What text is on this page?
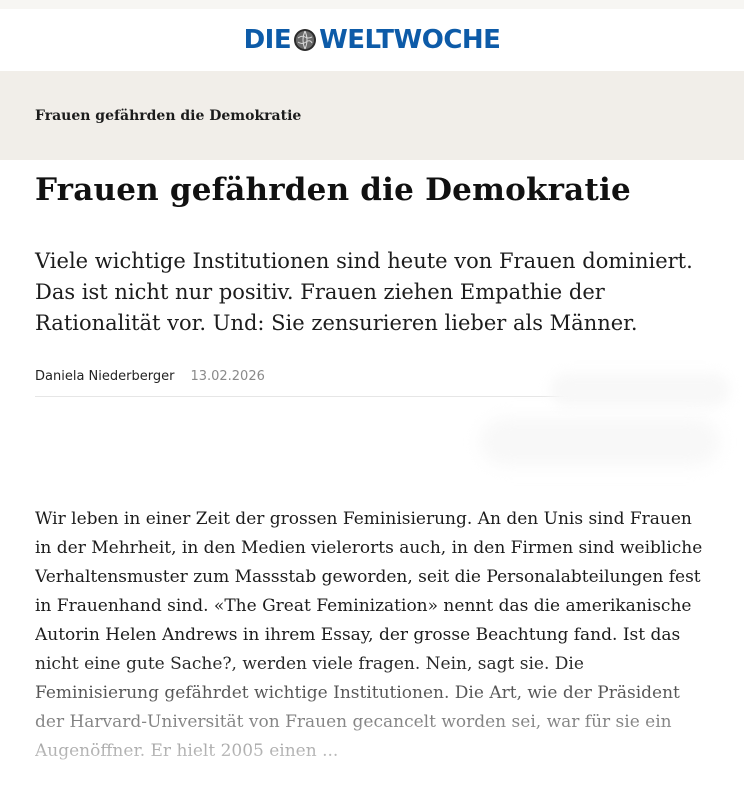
DIE WELTWOCHE
Frauen gefährden die Demokratie
Frauen gefährden die Demokratie
Viele wichtige Institutionen sind heute von Frauen dominiert. Das ist nicht nur positiv. Frauen ziehen Empathie der Rationalität vor. Und: Sie zensurieren lieber als Männer.
Daniela Niederberger 13.02.2026

Wir leben in einer Zeit der grossen Feminisierung. An den Unis sind Frauen in der Mehrheit, in den Medien vielerorts auch, in den Firmen sind weibliche Verhaltensmuster zum Massstab geworden, seit die Personalabteilungen fest in Frauenhand sind. «The Great Feminization» nennt das die amerikanische Autorin Helen Andrews in ihrem Essay, der grosse Beachtung fand. Ist das nicht eine gute Sache?, werden viele fragen. Nein, sagt sie. Die Feminisierung gefährdet wichtige Institutionen. Die Art, wie der Präsident der Harvard-Universität von Frauen gecancelt worden sei, war für sie ein Augenöffner. Er hielt 2005 einen ...
